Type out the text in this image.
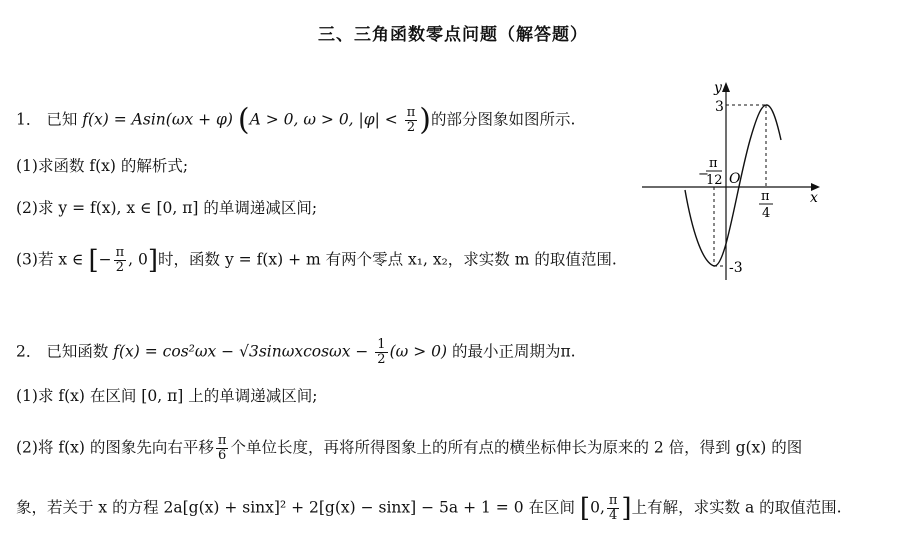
三、三角函数零点问题（解答题）
1． 已知 f(x) = Asin(ωx + φ) (A > 0, ω > 0, $|\varphi| < \frac{\pi}{2}$ )的部分图象如图所示.
(1)求函数 f(x) 的解析式;
(2)求 y = f(x), x ∈ [0, π] 的单调递减区间;
(3)若 x ∈ [− $\frac{\pi}{2}$ , 0]时，函数 y = f(x) + m 有两个零点 x₁, x₂，求实数 m 的取值范围.
y
x
3
-3
O
−
π
12
π
4
2． 已知函数 $f(x) = \cos^2\omega x - √3\sin\omega xcos\omega x - \frac{1}{2} (\omega > 0)$ 的最小正周期为π.
(1)求 f(x) 在区间 [0, π] 上的单调递减区间;
(2)将 f(x) 的图象先向右平移 $\frac{\pi}{6}$ 个单位长度，再将所得图象上的所有点的横坐标伸长为原来的 2 倍，得到 g(x) 的图
象，若关于 x 的方程 2a[g(x) + sinx]² + 2[g(x) − sinx] − 5a + 1 = 0 在区间 [0, $\frac{\pi}{4}$ ]上有解，求实数 a 的取值范围.
